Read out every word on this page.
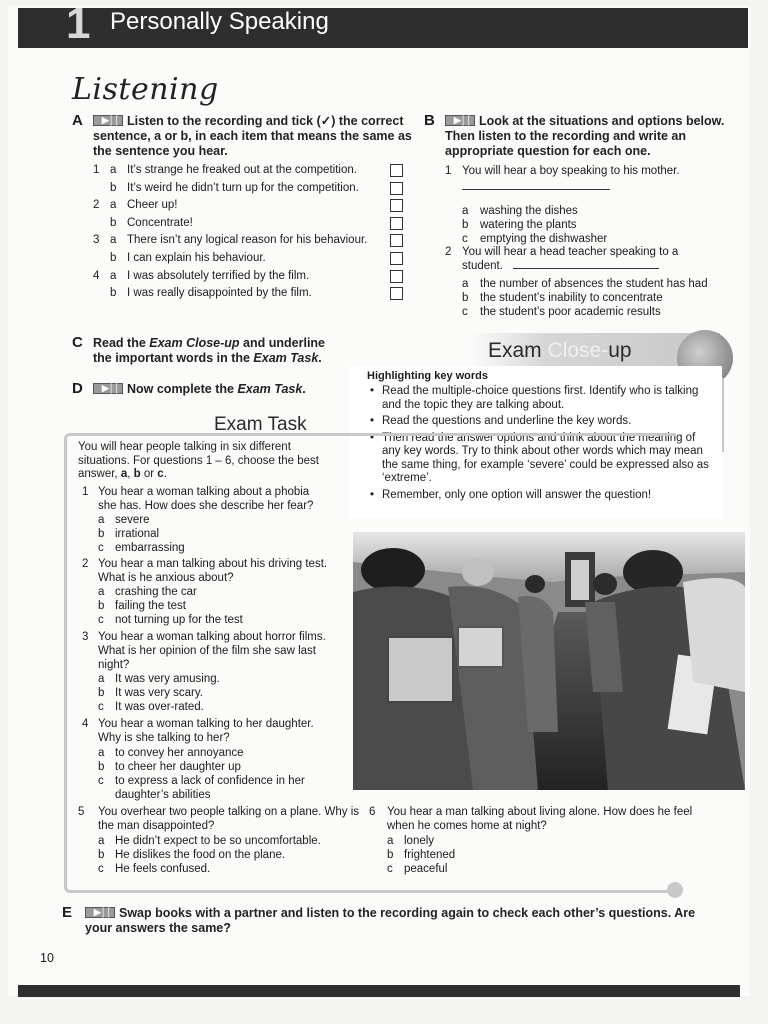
1 Personally Speaking
Listening
A ▶││	Listen to the recording and tick (✓) the correct sentence, a or b, in each item that means the same as the sentence you hear.
1 a It’s strange he freaked out at the competition.
b It’s weird he didn’t turn up for the competition.
2 a Cheer up!
b Concentrate!
3 a There isn’t any logical reason for his behaviour.
b I can explain his behaviour.
4 a I was absolutely terrified by the film.
b I was really disappointed by the film.
B ▶││	Look at the situations and options below. Then listen to the recording and write an appropriate question for each one.
1 You will hear a boy speaking to his mother.
a washing the dishes
b watering the plants
c emptying the dishwasher
2 You will hear a head teacher speaking to a student.
a the number of absences the student has had
b the student’s inability to concentrate
c the student’s poor academic results
C Read the Exam Close-up and underline the important words in the Exam Task.
D ▶││	Now complete the Exam Task.
Exam Close-up
Highlighting key words
• Read the multiple-choice questions first. Identify who is talking and the topic they are talking about.
• Read the questions and underline the key words.
• Then read the answer options and think about the meaning of any key words. Try to think about other words which may mean the same thing, for example ‘severe’ could be expressed also as ‘extreme’.
• Remember, only one option will answer the question!
Exam Task
You will hear people talking in six different situations. For questions 1 – 6, choose the best answer, a, b or c.
1 You hear a woman talking about a phobia she has. How does she describe her fear?
a severe
b irrational
c embarrassing
2 You hear a man talking about his driving test. What is he anxious about?
a crashing the car
b failing the test
c not turning up for the test
3 You hear a woman talking about horror films. What is her opinion of the film she saw last night?
a It was very amusing.
b It was very scary.
c It was over-rated.
4 You hear a woman talking to her daughter. Why is she talking to her?
a to convey her annoyance
b to cheer her daughter up
c to express a lack of confidence in her
daughter’s abilities
5 You overhear two people talking on a plane. Why is the man disappointed?
a He didn’t expect to be so uncomfortable.
b He dislikes the food on the plane.
c He feels confused.
6 You hear a man talking about living alone. How does he feel when he comes home at night?
a lonely
b frightened
c peaceful
E ▶││	Swap books with a partner and listen to the recording again to check each other’s questions. Are your answers the same?
10
